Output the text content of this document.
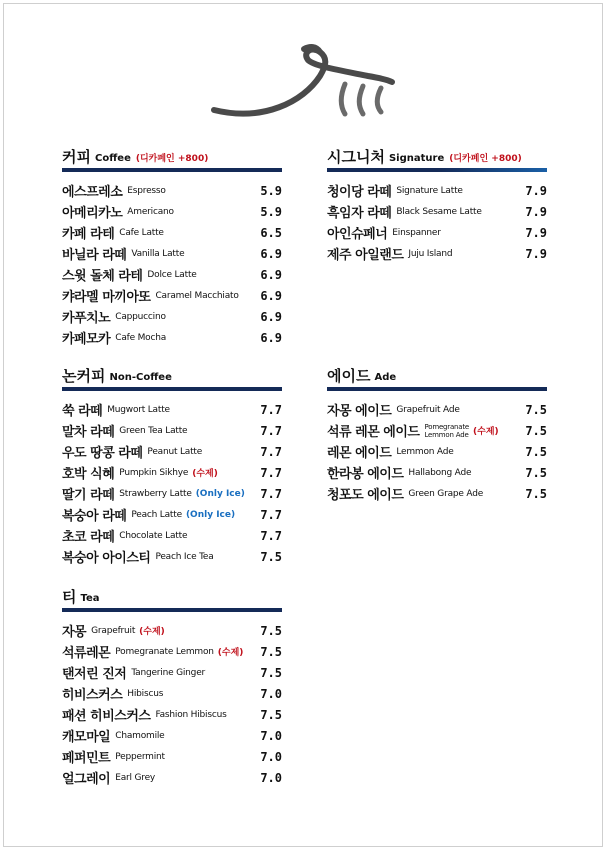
커피 Coffee (디카페인 +800)
에스프레소 Espresso	5.9
아메리카노 Americano	5.9
카페 라테 Cafe Latte	6.5
바닐라 라떼 Vanilla Latte	6.9
스윗 돌체 라테 Dolce Latte	6.9
캬라멜 마끼아또 Caramel Macchiato 6.9
카푸치노 Cappuccino	6.9
카페모카 Cafe Mocha	6.9
시그니처 Signature (디카페인 +800)
청이당 라떼 Signature Latte	7.9
흑임자 라떼 Black Sesame Latte	7.9
아인슈페너 Einspanner	7.9
제주 아일랜드 Juju Island	7.9
논커피 Non-Coffee
쑥 라떼 Mugwort Latte	7.7
말차 라떼 Green Tea Latte	7.7
우도 땅콩 라떼 Peanut Latte	7.7
호박 식혜 Pumpkin Sikhye (수제)	7.7
딸기 라떼 Strawberry Latte (Only Ice) 7.7
복숭아 라떼 Peach Latte (Only Ice) 7.7
초코 라떼 Chocolate Latte	7.7
복숭아 아이스티 Peach Ice Tea	7.5
에이드 Ade
자몽 에이드 Grapefruit Ade	7.5
석류 레몬 에이드 Pomegranate
Lemmon Ade (수제) 7.5
레몬 에이드 Lemmon Ade	7.5
한라봉 에이드 Hallabong Ade	7.5
청포도 에이드 Green Grape Ade	7.5
티 Tea
자몽 Grapefruit (수제)	7.5
석류레몬 Pomegranate Lemmon (수제) 7.5
탠저린 진저 Tangerine Ginger	7.5
히비스커스 Hibiscus	7.0
패션 히비스커스 Fashion Hibiscus	7.5
캐모마일 Chamomile	7.0
페퍼민트 Peppermint	7.0
얼그레이 Earl Grey	7.0
